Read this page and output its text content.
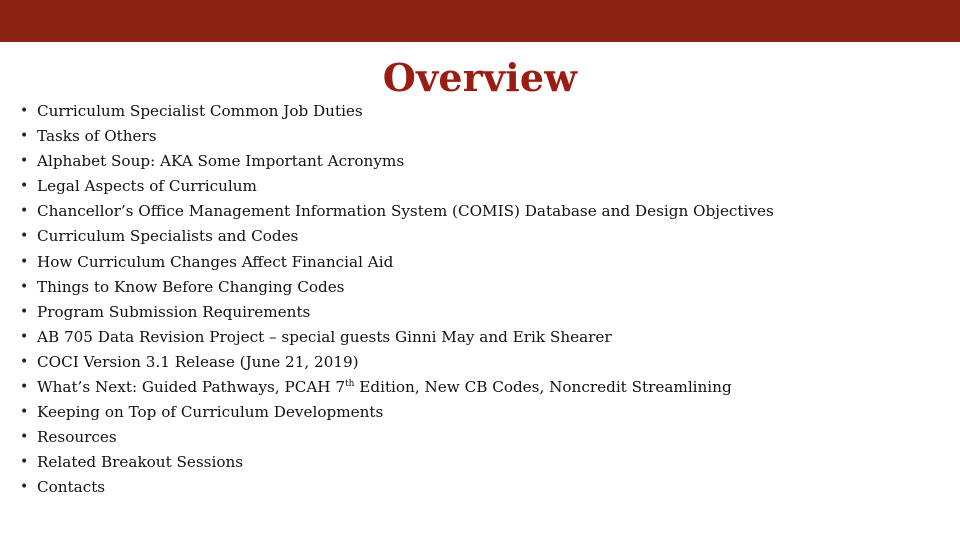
Overview
• Curriculum Specialist Common Job Duties
• Tasks of Others
• Alphabet Soup: AKA Some Important Acronyms
• Legal Aspects of Curriculum
• Chancellor’s Office Management Information System (COMIS) Database and Design Objectives
• Curriculum Specialists and Codes
• How Curriculum Changes Affect Financial Aid
• Things to Know Before Changing Codes
• Program Submission Requirements
• AB 705 Data Revision Project – special guests Ginni May and Erik Shearer
• COCI Version 3.1 Release (June 21, 2019)
• What’s Next: Guided Pathways, PCAH 7th Edition, New CB Codes, Noncredit Streamlining
• Keeping on Top of Curriculum Developments
• Resources
• Related Breakout Sessions
• Contacts
